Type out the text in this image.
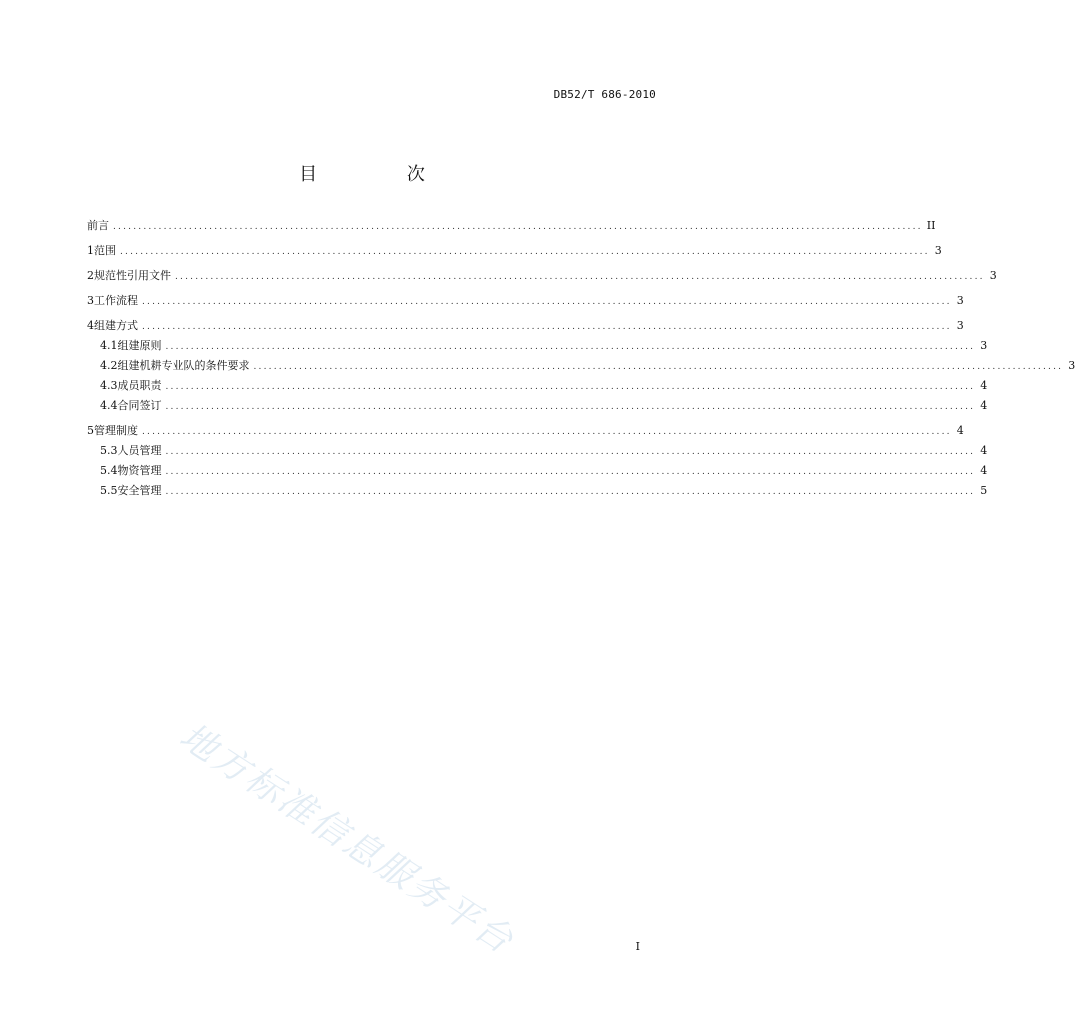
DB52/T 686-2010
目 次
前言 ................................................................................................................................................................ II
1 范围 ................................................................................................................................................................ 3
2 规范性引用文件 ................................................................................................................................................................ 3
3 工作流程 ................................................................................................................................................................ 3
4 组建方式 ................................................................................................................................................................ 3
4.1 组建原则 ................................................................................................................................................................ 3
4.2 组建机耕专业队的条件要求 ................................................................................................................................................................ 3
4.3 成员职责 ................................................................................................................................................................ 4
4.4 合同签订 ................................................................................................................................................................ 4
5 管理制度 ................................................................................................................................................................ 4
5.3 人员管理 ................................................................................................................................................................ 4
5.4 物资管理 ................................................................................................................................................................ 4
5.5 安全管理 ................................................................................................................................................................ 5
地方标准信息服务平台	I
